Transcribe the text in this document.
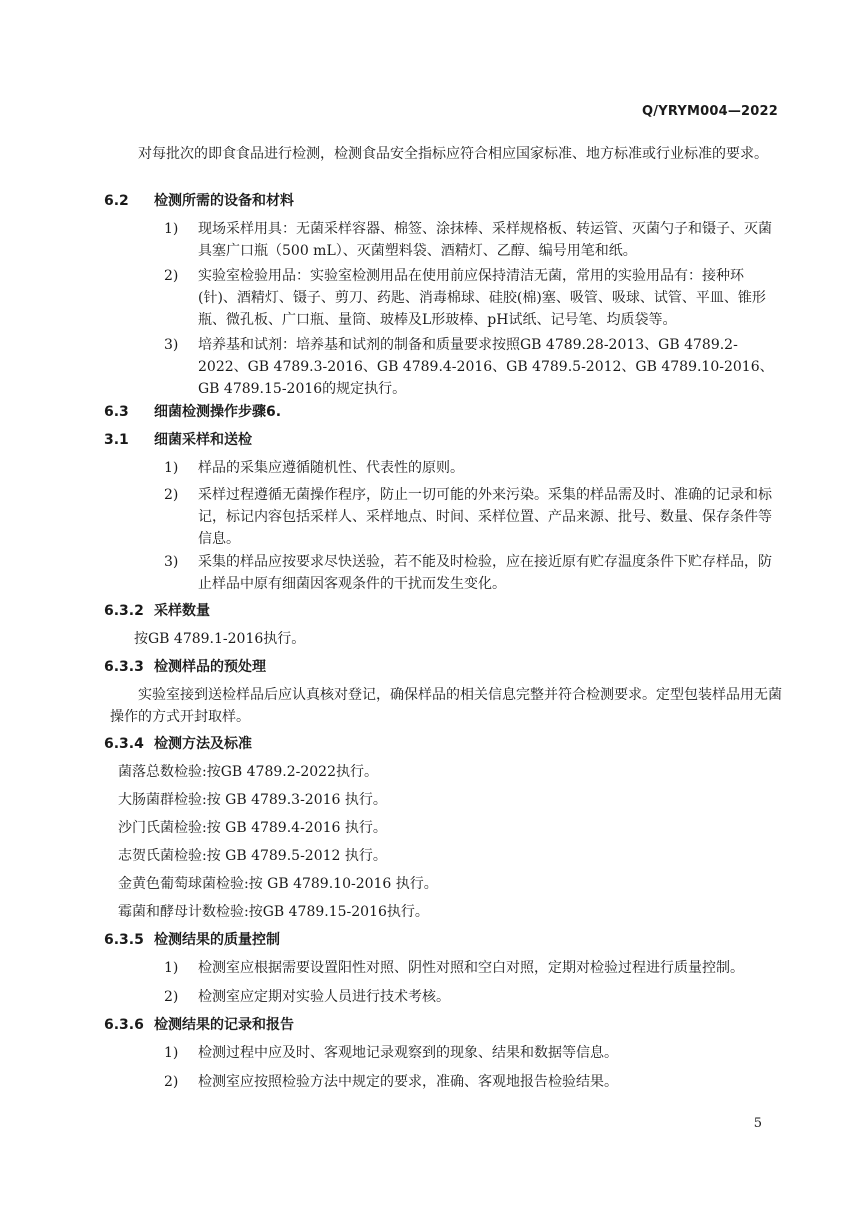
Q/YRYM004—2022

对每批次的即食食品进行检测，检测食品安全指标应符合相应国家标准、地方标准或行业标准的要求。

6.2 检测所需的设备和材料
1) 现场采样用具：无菌采样容器、棉签、涂抹棒、采样规格板、转运管、灭菌勺子和镊子、灭菌具塞广口瓶（500 mL）、灭菌塑料袋、酒精灯、乙醇、编号用笔和纸。
2) 实验室检验用品：实验室检测用品在使用前应保持清洁无菌，常用的实验用品有：接种环(针)、酒精灯、镊子、剪刀、药匙、消毒棉球、硅胶(棉)塞、吸管、吸球、试管、平皿、锥形瓶、微孔板、广口瓶、量筒、玻棒及L形玻棒、pH试纸、记号笔、均质袋等。
3) 培养基和试剂：培养基和试剂的制备和质量要求按照GB 4789.28-2013、GB 4789.2-2022、GB 4789.3-2016、GB 4789.4-2016、GB 4789.5-2012、GB 4789.10-2016、GB 4789.15-2016的规定执行。
6.3 细菌检测操作步骤6.
3.1 细菌采样和送检
1) 样品的采集应遵循随机性、代表性的原则。
2) 采样过程遵循无菌操作程序，防止一切可能的外来污染。采集的样品需及时、准确的记录和标记，标记内容包括采样人、采样地点、时间、采样位置、产品来源、批号、数量、保存条件等信息。
3) 采集的样品应按要求尽快送验，若不能及时检验，应在接近原有贮存温度条件下贮存样品，防止样品中原有细菌因客观条件的干扰而发生变化。
6.3.2 采样数量
按GB 4789.1-2016执行。
6.3.3 检测样品的预处理

实验室接到送检样品后应认真核对登记，确保样品的相关信息完整并符合检测要求。定型包装样品用无菌操作的方式开封取样。

6.3.4 检测方法及标准
菌落总数检验:按GB 4789.2-2022执行。
大肠菌群检验:按 GB 4789.3-2016 执行。
沙门氏菌检验:按 GB 4789.4-2016 执行。
志贺氏菌检验:按 GB 4789.5-2012 执行。
金黄色葡萄球菌检验:按 GB 4789.10-2016 执行。
霉菌和酵母计数检验:按GB 4789.15-2016执行。
6.3.5 检测结果的质量控制
1) 检测室应根据需要设置阳性对照、阴性对照和空白对照，定期对检验过程进行质量控制。
2) 检测室应定期对实验人员进行技术考核。
6.3.6 检测结果的记录和报告
1) 检测过程中应及时、客观地记录观察到的现象、结果和数据等信息。
2) 检测室应按照检验方法中规定的要求，准确、客观地报告检验结果。
5
